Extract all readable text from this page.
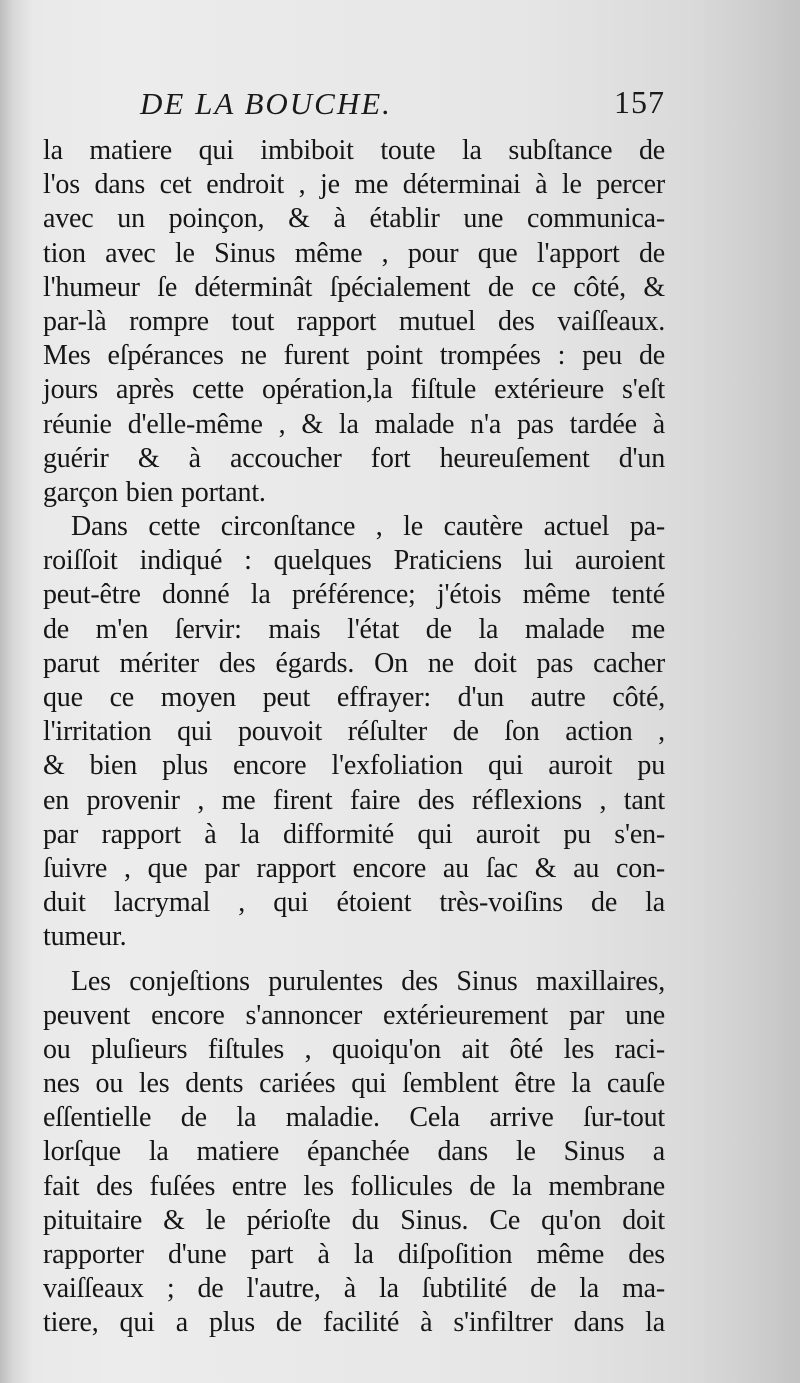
DE LA BOUCHE.	157
la matiere qui imbiboit toute la subſtance de
l'os dans cet endroit , je me déterminai à le percer
avec un poinçon, & à établir une communica-
tion avec le Sinus même , pour que l'apport de
l'humeur ſe déterminât ſpécialement de ce côté, &
par-là rompre tout rapport mutuel des vaiſſeaux.
Mes eſpérances ne furent point trompées : peu de
jours après cette opération,la fiſtule extérieure s'eſt
réunie d'elle-même , & la malade n'a pas tardée à
guérir & à accoucher fort heureuſement d'un
garçon bien portant.
Dans cette circonſtance , le cautère actuel pa-
roiſſoit indiqué : quelques Praticiens lui auroient
peut-être donné la préférence; j'étois même tenté
de m'en ſervir: mais l'état de la malade me
parut mériter des égards. On ne doit pas cacher
que ce moyen peut effrayer: d'un autre côté,
l'irritation qui pouvoit réſulter de ſon action ,
& bien plus encore l'exfoliation qui auroit pu
en provenir , me firent faire des réflexions , tant
par rapport à la difformité qui auroit pu s'en-
ſuivre , que par rapport encore au ſac & au con-
duit lacrymal , qui étoient très-voiſins de la
tumeur.
Les conjeſtions purulentes des Sinus maxillaires,
peuvent encore s'annoncer extérieurement par une
ou pluſieurs fiſtules , quoiqu'on ait ôté les raci-
nes ou les dents cariées qui ſemblent être la cauſe
eſſentielle de la maladie. Cela arrive ſur-tout
lorſque la matiere épanchée dans le Sinus a
fait des fuſées entre les follicules de la membrane
pituitaire & le périoſte du Sinus. Ce qu'on doit
rapporter d'une part à la diſpoſition même des
vaiſſeaux ; de l'autre, à la ſubtilité de la ma-
tiere, qui a plus de facilité à s'infiltrer dans la
